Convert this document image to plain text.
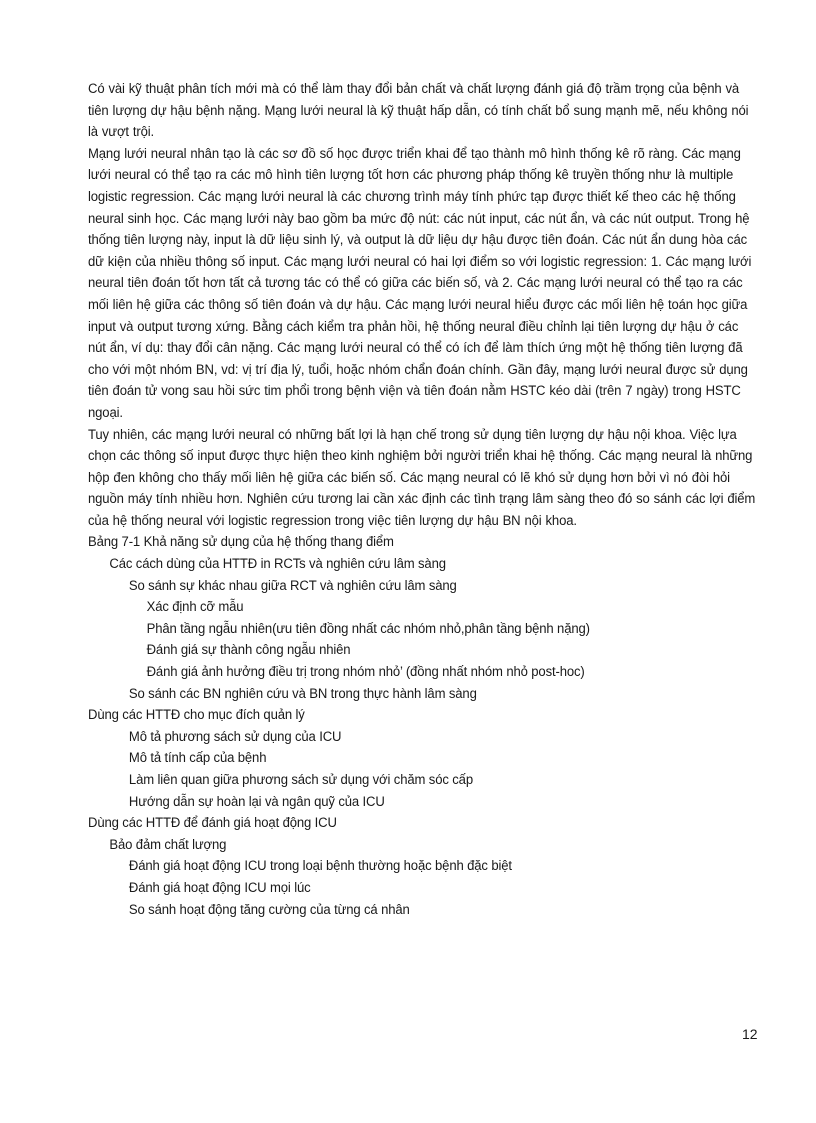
Có vài kỹ thuật phân tích mới mà có thể làm thay đổi bản chất và chất lượng đánh giá độ trầm trọng của bệnh và tiên lượng dự hậu bệnh nặng. Mạng lưới neural là kỹ thuật hấp dẫn, có tính chất bổ sung mạnh mẽ, nếu không nói là vượt trội.

Mạng lưới neural nhân tạo là các sơ đồ số học được triển khai để tạo thành mô hình thống kê rõ ràng. Các mạng lưới neural có thể tạo ra các mô hình tiên lượng tốt hơn các phương pháp thống kê truyền thống như là multiple logistic regression. Các mạng lưới neural là các chương trình máy tính phức tạp được thiết kế theo các hệ thống neural sinh học. Các mạng lưới này bao gồm ba mức độ nút: các nút input, các nút ẩn, và các nút output. Trong hệ thống tiên lượng này, input là dữ liệu sinh lý, và output là dữ liệu dự hậu được tiên đoán. Các nút ẩn dung hòa các dữ kiện của nhiều thông số input. Các mạng lưới neural có hai lợi điểm so với logistic regression: 1. Các mạng lưới neural tiên đoán tốt hơn tất cả tương tác có thể có giữa các biến số, và 2. Các mạng lưới neural có thể tạo ra các mối liên hệ giữa các thông số tiên đoán và dự hậu. Các mạng lưới neural hiểu được các mối liên hệ toán học giữa input và output tương xứng. Bằng cách kiểm tra phản hồi, hệ thống neural điều chỉnh lại tiên lượng dự hậu ở các nút ẩn, ví dụ: thay đổi cân nặng. Các mạng lưới neural có thể có ích để làm thích ứng một hệ thống tiên lượng đã cho với một nhóm BN, vd: vị trí địa lý, tuổi, hoặc nhóm chẩn đoán chính. Gần đây, mạng lưới neural được sử dụng tiên đoán tử vong sau hồi sức tim phổi trong bệnh viện và tiên đoán nằm HSTC kéo dài (trên 7 ngày) trong HSTC ngoại.

Tuy nhiên, các mạng lưới neural có những bất lợi là hạn chế trong sử dụng tiên lượng dự hậu nội khoa. Việc lựa chọn các thông số input được thực hiện theo kinh nghiệm bởi người triển khai hệ thống. Các mạng neural là những hộp đen không cho thấy mối liên hệ giữa các biến số. Các mạng neural có lẽ khó sử dụng hơn bởi vì nó đòi hỏi nguồn máy tính nhiều hơn. Nghiên cứu tương lai cần xác định các tình trạng lâm sàng theo đó so sánh các lợi điểm của hệ thống neural với logistic regression trong việc tiên lượng dự hậu BN nội khoa.

Bảng 7-1 Khả năng sử dụng của hệ thống thang điểm
Các cách dùng của HTTĐ in RCTs và nghiên cứu lâm sàng
So sánh sự khác nhau giữa RCT và nghiên cứu lâm sàng
Xác định cỡ mẫu
Phân tầng ngẫu nhiên(ưu tiên đồng nhất các nhóm nhỏ,phân tầng bệnh nặng)
Đánh giá sự thành công ngẫu nhiên
Đánh giá ảnh hưởng điều trị trong nhóm nhỏ’ (đồng nhất nhóm nhỏ post-hoc)
So sánh các BN nghiên cứu và BN trong thực hành lâm sàng
Dùng các HTTĐ cho mục đích quản lý
Mô tả phương sách sử dụng của ICU
Mô tả tính cấp của bệnh
Làm liên quan giữa phương sách sử dụng với chăm sóc cấp
Hướng dẫn sự hoàn lại và ngân quỹ của ICU
Dùng các HTTĐ để đánh giá hoạt động ICU
Bảo đảm chất lượng
Đánh giá hoạt động ICU trong loại bệnh thường hoặc bệnh đặc biệt
Đánh giá hoạt động ICU mọi lúc
So sánh hoạt động tăng cường của từng cá nhân
12
